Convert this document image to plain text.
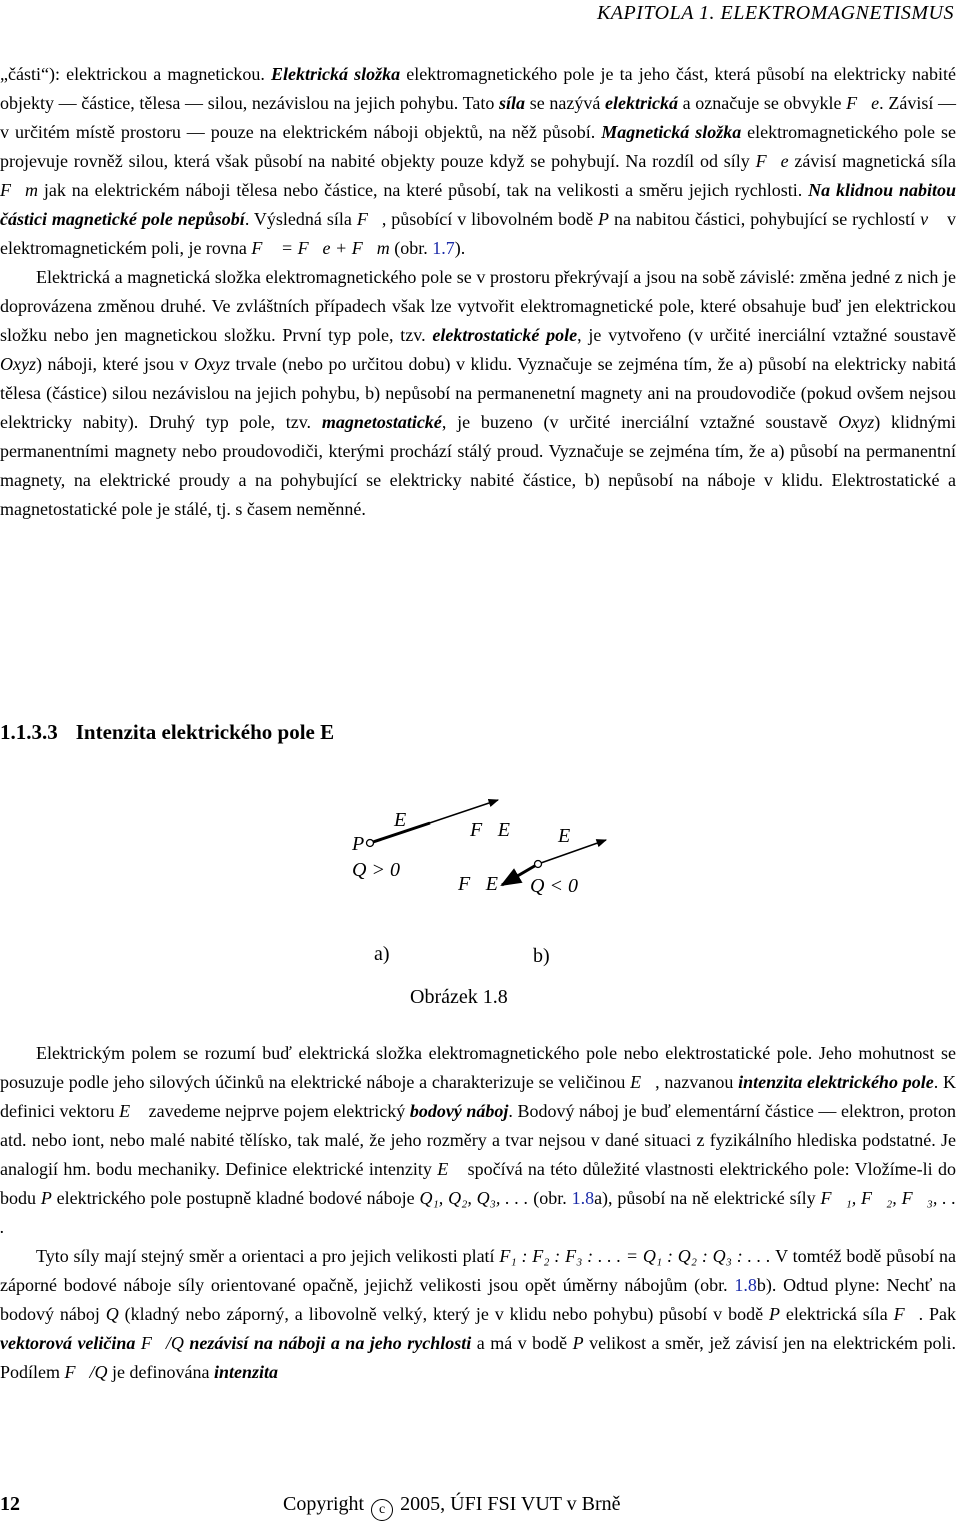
KAPITOLA 1. ELEKTROMAGNETISMUS

„části“): elektrickou a magnetickou. Elektrická složka elektromagnetického pole je ta jeho část, která působí na elektricky nabité objekty — částice, tělesa — silou, nezávislou na jejich pohybu. Tato síla se nazývá elektrická a označuje se obvykle F⃗e. Závisí — v určitém místě prostoru — pouze na elektrickém náboji objektů, na něž působí. Magnetická složka elektromagnetického pole se projevuje rovněž silou, která však působí na nabité objekty pouze když se pohybují. Na rozdíl od síly F⃗e závisí magnetická síla F⃗m jak na elektrickém náboji tělesa nebo částice, na které působí, tak na velikosti a směru jejich rychlosti. Na klidnou nabitou částici magnetické pole nepůsobí. Výsledná síla F⃗, působící v libovolném bodě P na nabitou částici, pohybující se rychlostí v⃗ v elektromagnetickém poli, je rovna F⃗ = F⃗e + F⃗m (obr. 1.7).

Elektrická a magnetická složka elektromagnetického pole se v prostoru překrývají a jsou na sobě závislé: změna jedné z nich je doprovázena změnou druhé. Ve zvláštních případech však lze vytvořit elektromagnetické pole, které obsahuje buď jen elektrickou složku nebo jen magnetickou složku. První typ pole, tzv. elektrostatické pole, je vytvořeno (v určité inerciální vztažné soustavě Oxyz) náboji, které jsou v Oxyz trvale (nebo po určitou dobu) v klidu. Vyznačuje se zejména tím, že a) působí na elektricky nabitá tělesa (částice) silou nezávislou na jejich pohybu, b) nepůsobí na permanenetní magnety ani na proudovodiče (pokud ovšem nejsou elektricky nabity). Druhý typ pole, tzv. magnetostatické, je buzeno (v určité inerciální vztažné soustavě Oxyz) klidnými permanentními magnety nebo proudovodiči, kterými prochází stálý proud. Vyznačuje se zejména tím, že a) působí na permanentní magnety, na elektrické proudy a na pohybující se elektricky nabité částice, b) nepůsobí na náboje v klidu. Elektrostatické a magnetostatické pole je stálé, tj. s časem neměnné.

1.1.3.3 Intenzita elektrického pole E⃗
P
E⃗
Q > 0
F⃗E E⃗
F⃗E Q < 0
a)	b)
Obrázek 1.8

Elektrickým polem se rozumí buď elektrická složka elektromagnetického pole nebo elektrostatické pole. Jeho mohutnost se posuzuje podle jeho silových účinků na elektrické náboje a charakterizuje se veličinou E⃗, nazvanou intenzita elektrického pole. K definici vektoru E⃗ zavedeme nejprve pojem elektrický bodový náboj. Bodový náboj je buď elementární částice — elektron, proton atd. nebo iont, nebo malé nabité tělísko, tak malé, že jeho rozměry a tvar nejsou v dané situaci z fyzikálního hlediska podstatné. Je analogií hm. bodu mechaniky. Definice elektrické intenzity E⃗ spočívá na této důležité vlastnosti elektrického pole: Vložíme-li do bodu P elektrického pole postupně kladné bodové náboje Q₁, Q₂, Q₃, . . . (obr. 1.8a), působí na ně elektrické síly F⃗₁, F⃗₂, F⃗₃, . . .

Tyto síly mají stejný směr a orientaci a pro jejich velikosti platí F₁ : F₂ : F₃ : . . . = Q₁ : Q₂ : Q₃ : . . . V tomtéž bodě působí na záporné bodové náboje síly orientované opačně, jejichž velikosti jsou opět úměrny nábojům (obr. 1.8b). Odtud plyne: Nechť na bodový náboj Q (kladný nebo záporný, a libovolně velký, který je v klidu nebo pohybu) působí v bodě P elektrická síla F⃗. Pak vektorová veličina F⃗/Q nezávisí na náboji a na jeho rychlosti a má v bodě P velikost a směr, jež závisí jen na elektrickém poli. Podílem F⃗/Q je definována intenzita

12	Copyright c 2005, ÚFI FSI VUT v Brně
